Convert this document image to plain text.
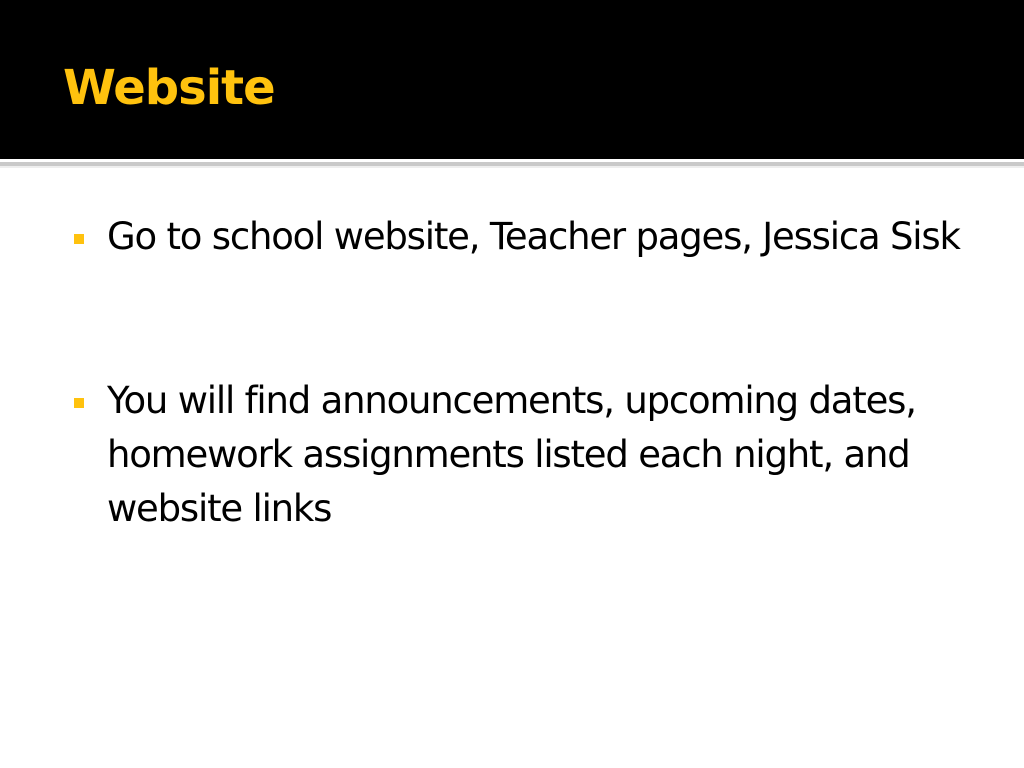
Website

Go to school website, Teacher pages, Jessica Sisk

You will find announcements, upcoming dates, homework assignments listed each night, and website links
